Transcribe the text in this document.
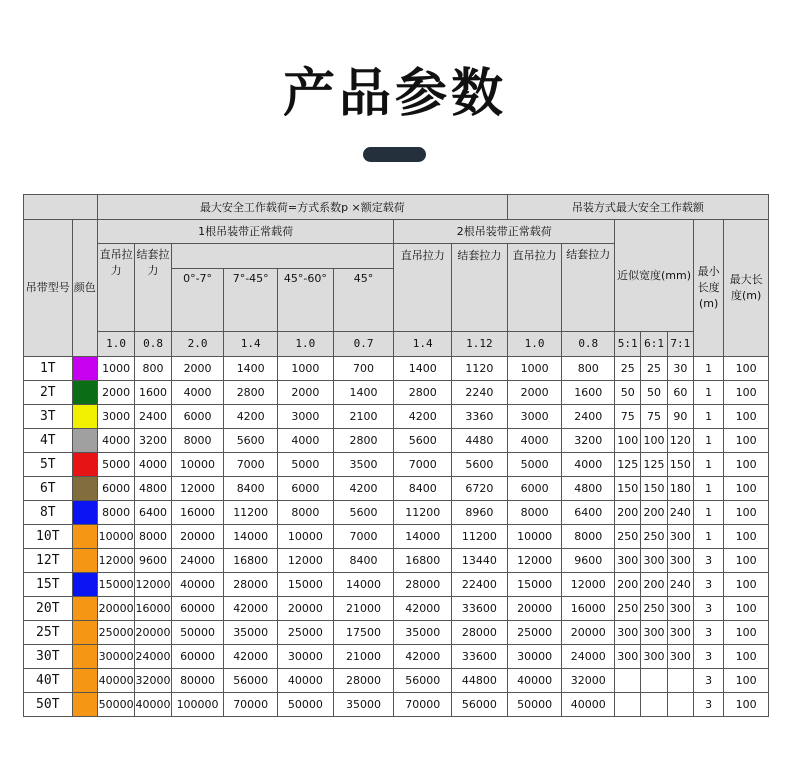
产品参数
		最大安全工作载荷=方式系数p ×额定载荷								吊装方式最大安全工作载额						
吊带型号	颜色	1根吊装带正常载荷						2根吊装带正常载荷				近似宽度(mm)			最小长度(m)	最大长度(m)
		直吊拉力	结套拉力					直吊拉力	结套拉力	直吊拉力	结套拉力					
				0°-7°	7°-45°	45°-60°	45°									
		1.0	0.8	2.0	1.4	1.0	0.7	1.4	1.12	1.0	0.8	5:1	6:1	7:1		
1T		1000	800	2000	1400	1000	700	1400	1120	1000	800	25	25	30	1	100
2T		2000	1600	4000	2800	2000	1400	2800	2240	2000	1600	50	50	60	1	100
3T		3000	2400	6000	4200	3000	2100	4200	3360	3000	2400	75	75	90	1	100
4T		4000	3200	8000	5600	4000	2800	5600	4480	4000	3200	100	100	120	1	100
5T		5000	4000	10000	7000	5000	3500	7000	5600	5000	4000	125	125	150	1	100
6T		6000	4800	12000	8400	6000	4200	8400	6720	6000	4800	150	150	180	1	100
8T		8000	6400	16000	11200	8000	5600	11200	8960	8000	6400	200	200	240	1	100
10T		10000	8000	20000	14000	10000	7000	14000	11200	10000	8000	250	250	300	1	100
12T		12000	9600	24000	16800	12000	8400	16800	13440	12000	9600	300	300	300	3	100
15T		15000	12000	40000	28000	15000	14000	28000	22400	15000	12000	200	200	240	3	100
20T		20000	16000	60000	42000	20000	21000	42000	33600	20000	16000	250	250	300	3	100
25T		25000	20000	50000	35000	25000	17500	35000	28000	25000	20000	300	300	300	3	100
30T		30000	24000	60000	42000	30000	21000	42000	33600	30000	24000	300	300	300	3	100
40T		40000	32000	80000	56000	40000	28000	56000	44800	40000	32000				3	100
50T		50000	40000	100000	70000	50000	35000	70000	56000	50000	40000				3	100
